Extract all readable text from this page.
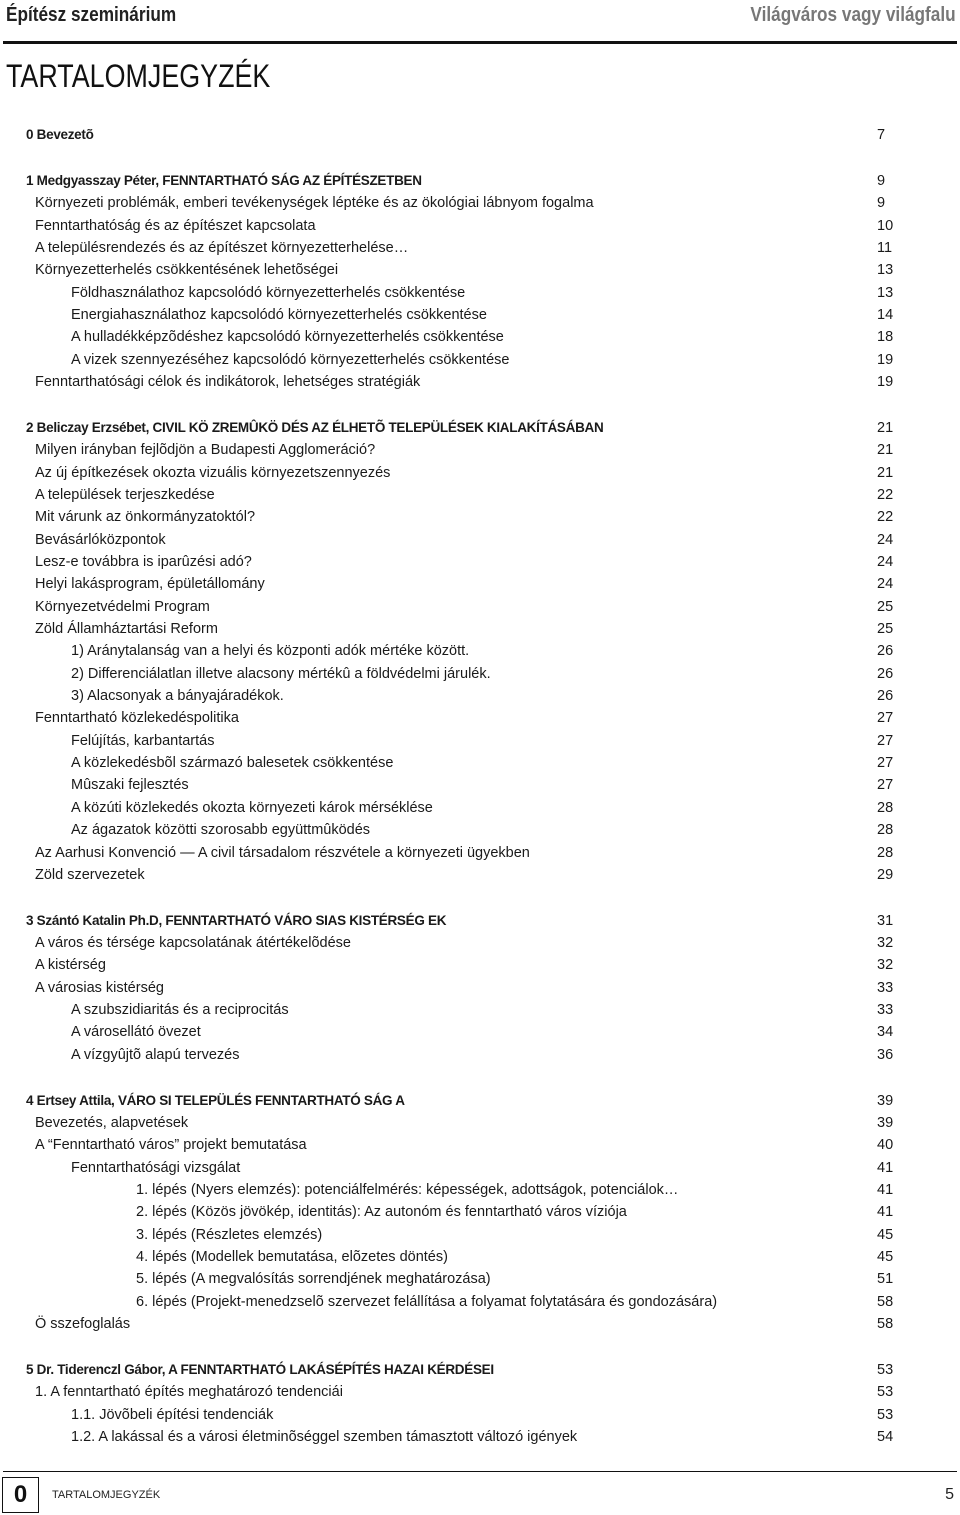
Építész szeminárium	Világváros vagy világfalu
TARTALOMJEGYZÉK
0 Bevezetõ	7
1 Medgyasszay Péter, FENNTARTHATÓ SÁG AZ ÉPÍTÉSZETBEN	9
Környezeti problémák, emberi tevékenységek léptéke és az ökológiai lábnyom fogalma	9
Fenntarthatóság és az építészet kapcsolata	10
A településrendezés és az építészet környezetterhelése…	11
Környezetterhelés csökkentésének lehetõségei	13
Földhasználathoz kapcsolódó környezetterhelés csökkentése	13
Energiahasználathoz kapcsolódó környezetterhelés csökkentése	14
A hulladékképzõdéshez kapcsolódó környezetterhelés csökkentése	18
A vizek szennyezéséhez kapcsolódó környezetterhelés csökkentése	19
Fenntarthatósági célok és indikátorok, lehetséges stratégiák	19
2 Beliczay Erzsébet, CIVIL KÖ ZREMÛKÖ DÉS AZ ÉLHETÕ TELEPÜLÉSEK KIALAKÍTÁSÁBAN	21
Milyen irányban fejlõdjön a Budapesti Agglomeráció?	21
Az új építkezések okozta vizuális környezetszennyezés	21
A települések terjeszkedése	22
Mit várunk az önkormányzatoktól?	22
Bevásárlóközpontok	24
Lesz-e továbbra is iparûzési adó?	24
Helyi lakásprogram, épületállomány	24
Környezetvédelmi Program	25
Zöld Államháztartási Reform	25
1) Aránytalanság van a helyi és központi adók mértéke között.	26
2) Differenciálatlan illetve alacsony mértékû a földvédelmi járulék.	26
3) Alacsonyak a bányajáradékok.	26
Fenntartható közlekedéspolitika	27
Felújítás, karbantartás	27
A közlekedésbõl származó balesetek csökkentése	27
Mûszaki fejlesztés	27
A közúti közlekedés okozta környezeti károk mérséklése	28
Az ágazatok közötti szorosabb együttmûködés	28
Az Aarhusi Konvenció — A civil társadalom részvétele a környezeti ügyekben	28
Zöld szervezetek	29
3 Szántó Katalin Ph.D, FENNTARTHATÓ VÁRO SIAS KISTÉRSÉG EK	31
A város és térsége kapcsolatának átértékelõdése	32
A kistérség	32
A városias kistérség	33
A szubszidiaritás és a reciprocitás	33
A városellátó övezet	34
A vízgyûjtõ alapú tervezés	36
4 Ertsey Attila, VÁRO SI TELEPÜLÉS FENNTARTHATÓ SÁG A	39
Bevezetés, alapvetések	39
A “Fenntartható város” projekt bemutatása	40
Fenntarthatósági vizsgálat	41
1. lépés (Nyers elemzés): potenciálfelmérés: képességek, adottságok, potenciálok…	41
2. lépés (Közös jövökép, identitás): Az autonóm és fenntartható város víziója	41
3. lépés (Részletes elemzés)	45
4. lépés (Modellek bemutatása, elõzetes döntés)	45
5. lépés (A megvalósítás sorrendjének meghatározása)	51
6. lépés (Projekt-menedzselõ szervezet felállítása a folyamat folytatására és gondozására)	58
Ö sszefoglalás	58
5 Dr. Tiderenczl Gábor, A FENNTARTHATÓ LAKÁSÉPÍTÉS HAZAI KÉRDÉSEI	53
1. A fenntartható építés meghatározó tendenciái	53
1.1. Jövõbeli építési tendenciák	53
1.2. A lakással és a városi életminõséggel szemben támasztott változó igények	54
0	TARTALOMJEGYZÉK	5
